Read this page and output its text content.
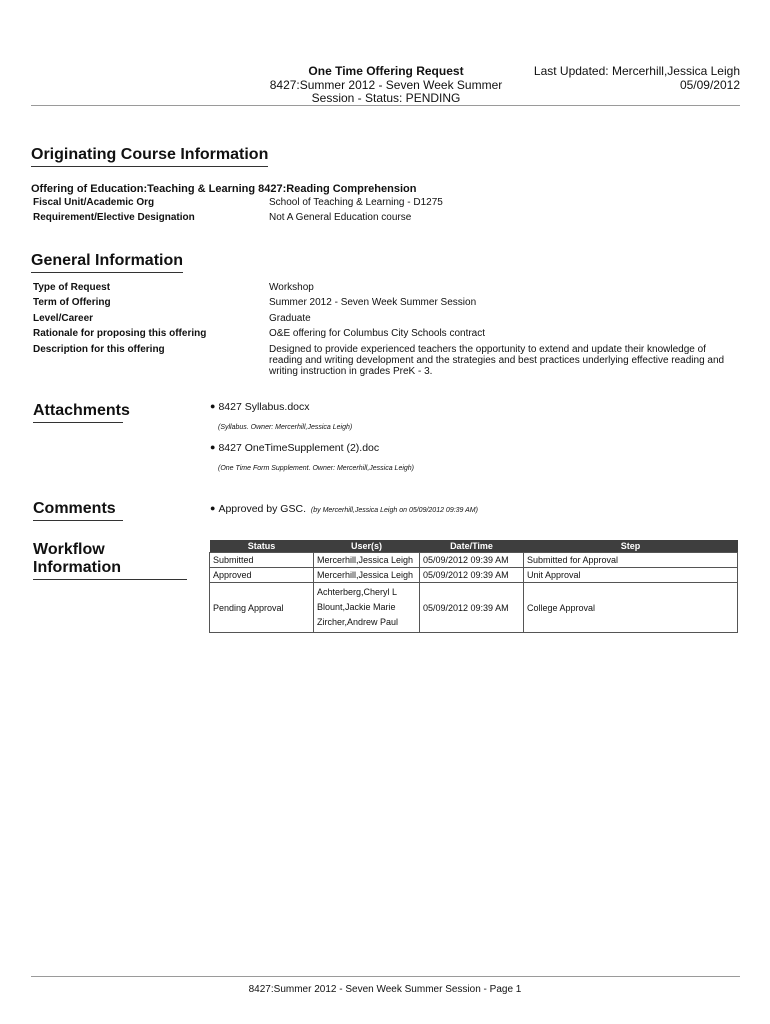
One Time Offering Request
8427:Summer 2012 - Seven Week Summer
Session - Status: PENDING
Last Updated: Mercerhill,Jessica Leigh
05/09/2012
Originating Course Information
Offering of Education:Teaching & Learning 8427:Reading Comprehension
Fiscal Unit/Academic Org	School of Teaching & Learning - D1275
Requirement/Elective Designation	Not A General Education course
General Information
Type of Request	Workshop
Term of Offering	Summer 2012 - Seven Week Summer Session
Level/Career	Graduate
Rationale for proposing this offering	O&E offering for Columbus City Schools contract
Description for this offering	Designed to provide experienced teachers the opportunity to extend and update their knowledge of reading and writing development and the strategies and best practices underlying effective reading and writing instruction in grades PreK - 3.
Attachments	● 8427 Syllabus.docx
(Syllabus. Owner: Mercerhill,Jessica Leigh)
● 8427 OneTimeSupplement (2).doc
(One Time Form Supplement. Owner: Mercerhill,Jessica Leigh)
Comments	● Approved by GSC. (by Mercerhill,Jessica Leigh on 05/09/2012 09:39 AM)
Workflow Information
Status	User(s)	Date/Time	Step
Submitted	Mercerhill,Jessica Leigh	05/09/2012 09:39 AM	Submitted for Approval
Approved	Mercerhill,Jessica Leigh	05/09/2012 09:39 AM	Unit Approval
Pending Approval	Achterberg,Cheryl L
Blount,Jackie Marie
Zircher,Andrew Paul	05/09/2012 09:39 AM	College Approval
8427:Summer 2012 - Seven Week Summer Session - Page 1
